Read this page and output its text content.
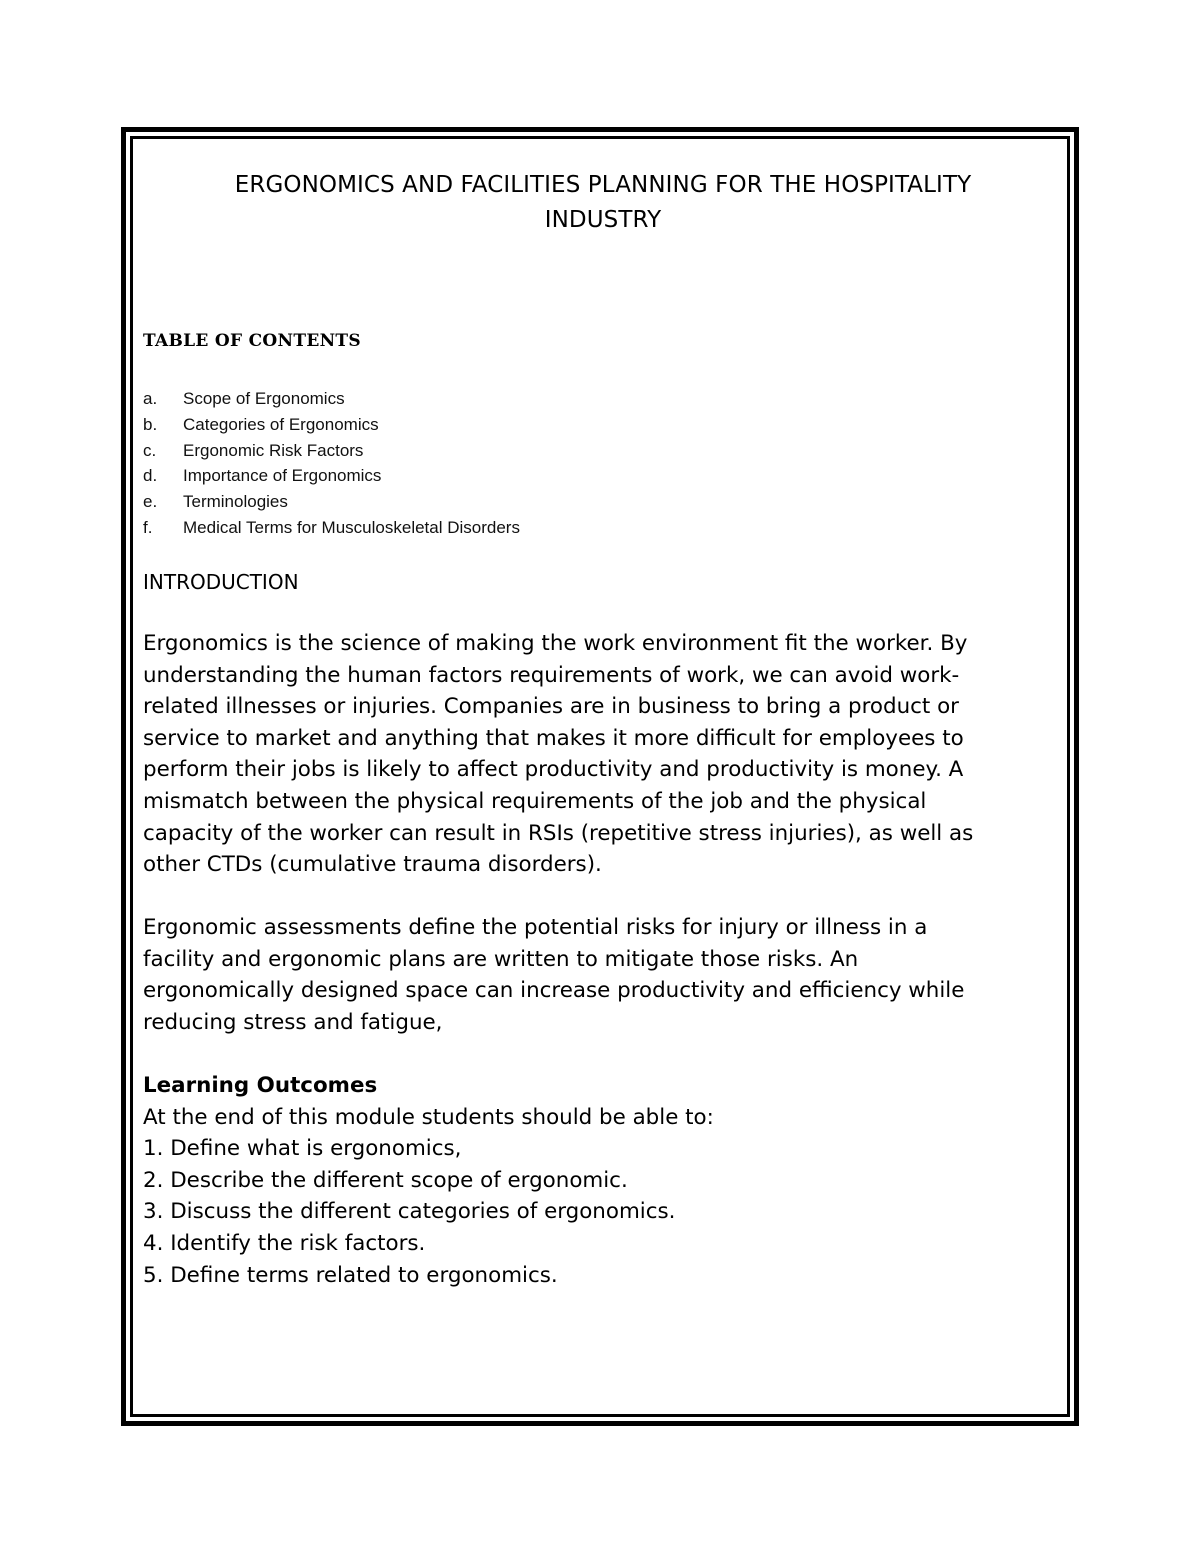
ERGONOMICS AND FACILITIES PLANNING FOR THE HOSPITALITY
INDUSTRY
TABLE OF CONTENTS
a.	Scope of Ergonomics
b.	Categories of Ergonomics
c.	Ergonomic Risk Factors
d.	Importance of Ergonomics
e.	Terminologies
f.	Medical Terms for Musculoskeletal Disorders
INTRODUCTION

Ergonomics is the science of making the work environment fit the worker. By
understanding the human factors requirements of work, we can avoid work-
related illnesses or injuries. Companies are in business to bring a product or
service to market and anything that makes it more difficult for employees to
perform their jobs is likely to affect productivity and productivity is money. A
mismatch between the physical requirements of the job and the physical
capacity of the worker can result in RSIs (repetitive stress injuries), as well as
other CTDs (cumulative trauma disorders).

Ergonomic assessments define the potential risks for injury or illness in a
facility and ergonomic plans are written to mitigate those risks. An
ergonomically designed space can increase productivity and efficiency while
reducing stress and fatigue,

Learning Outcomes

At the end of this module students should be able to:

1. Define what is ergonomics,
2. Describe the different scope of ergonomic.
3. Discuss the different categories of ergonomics.
4. Identify the risk factors.
5. Define terms related to ergonomics.
